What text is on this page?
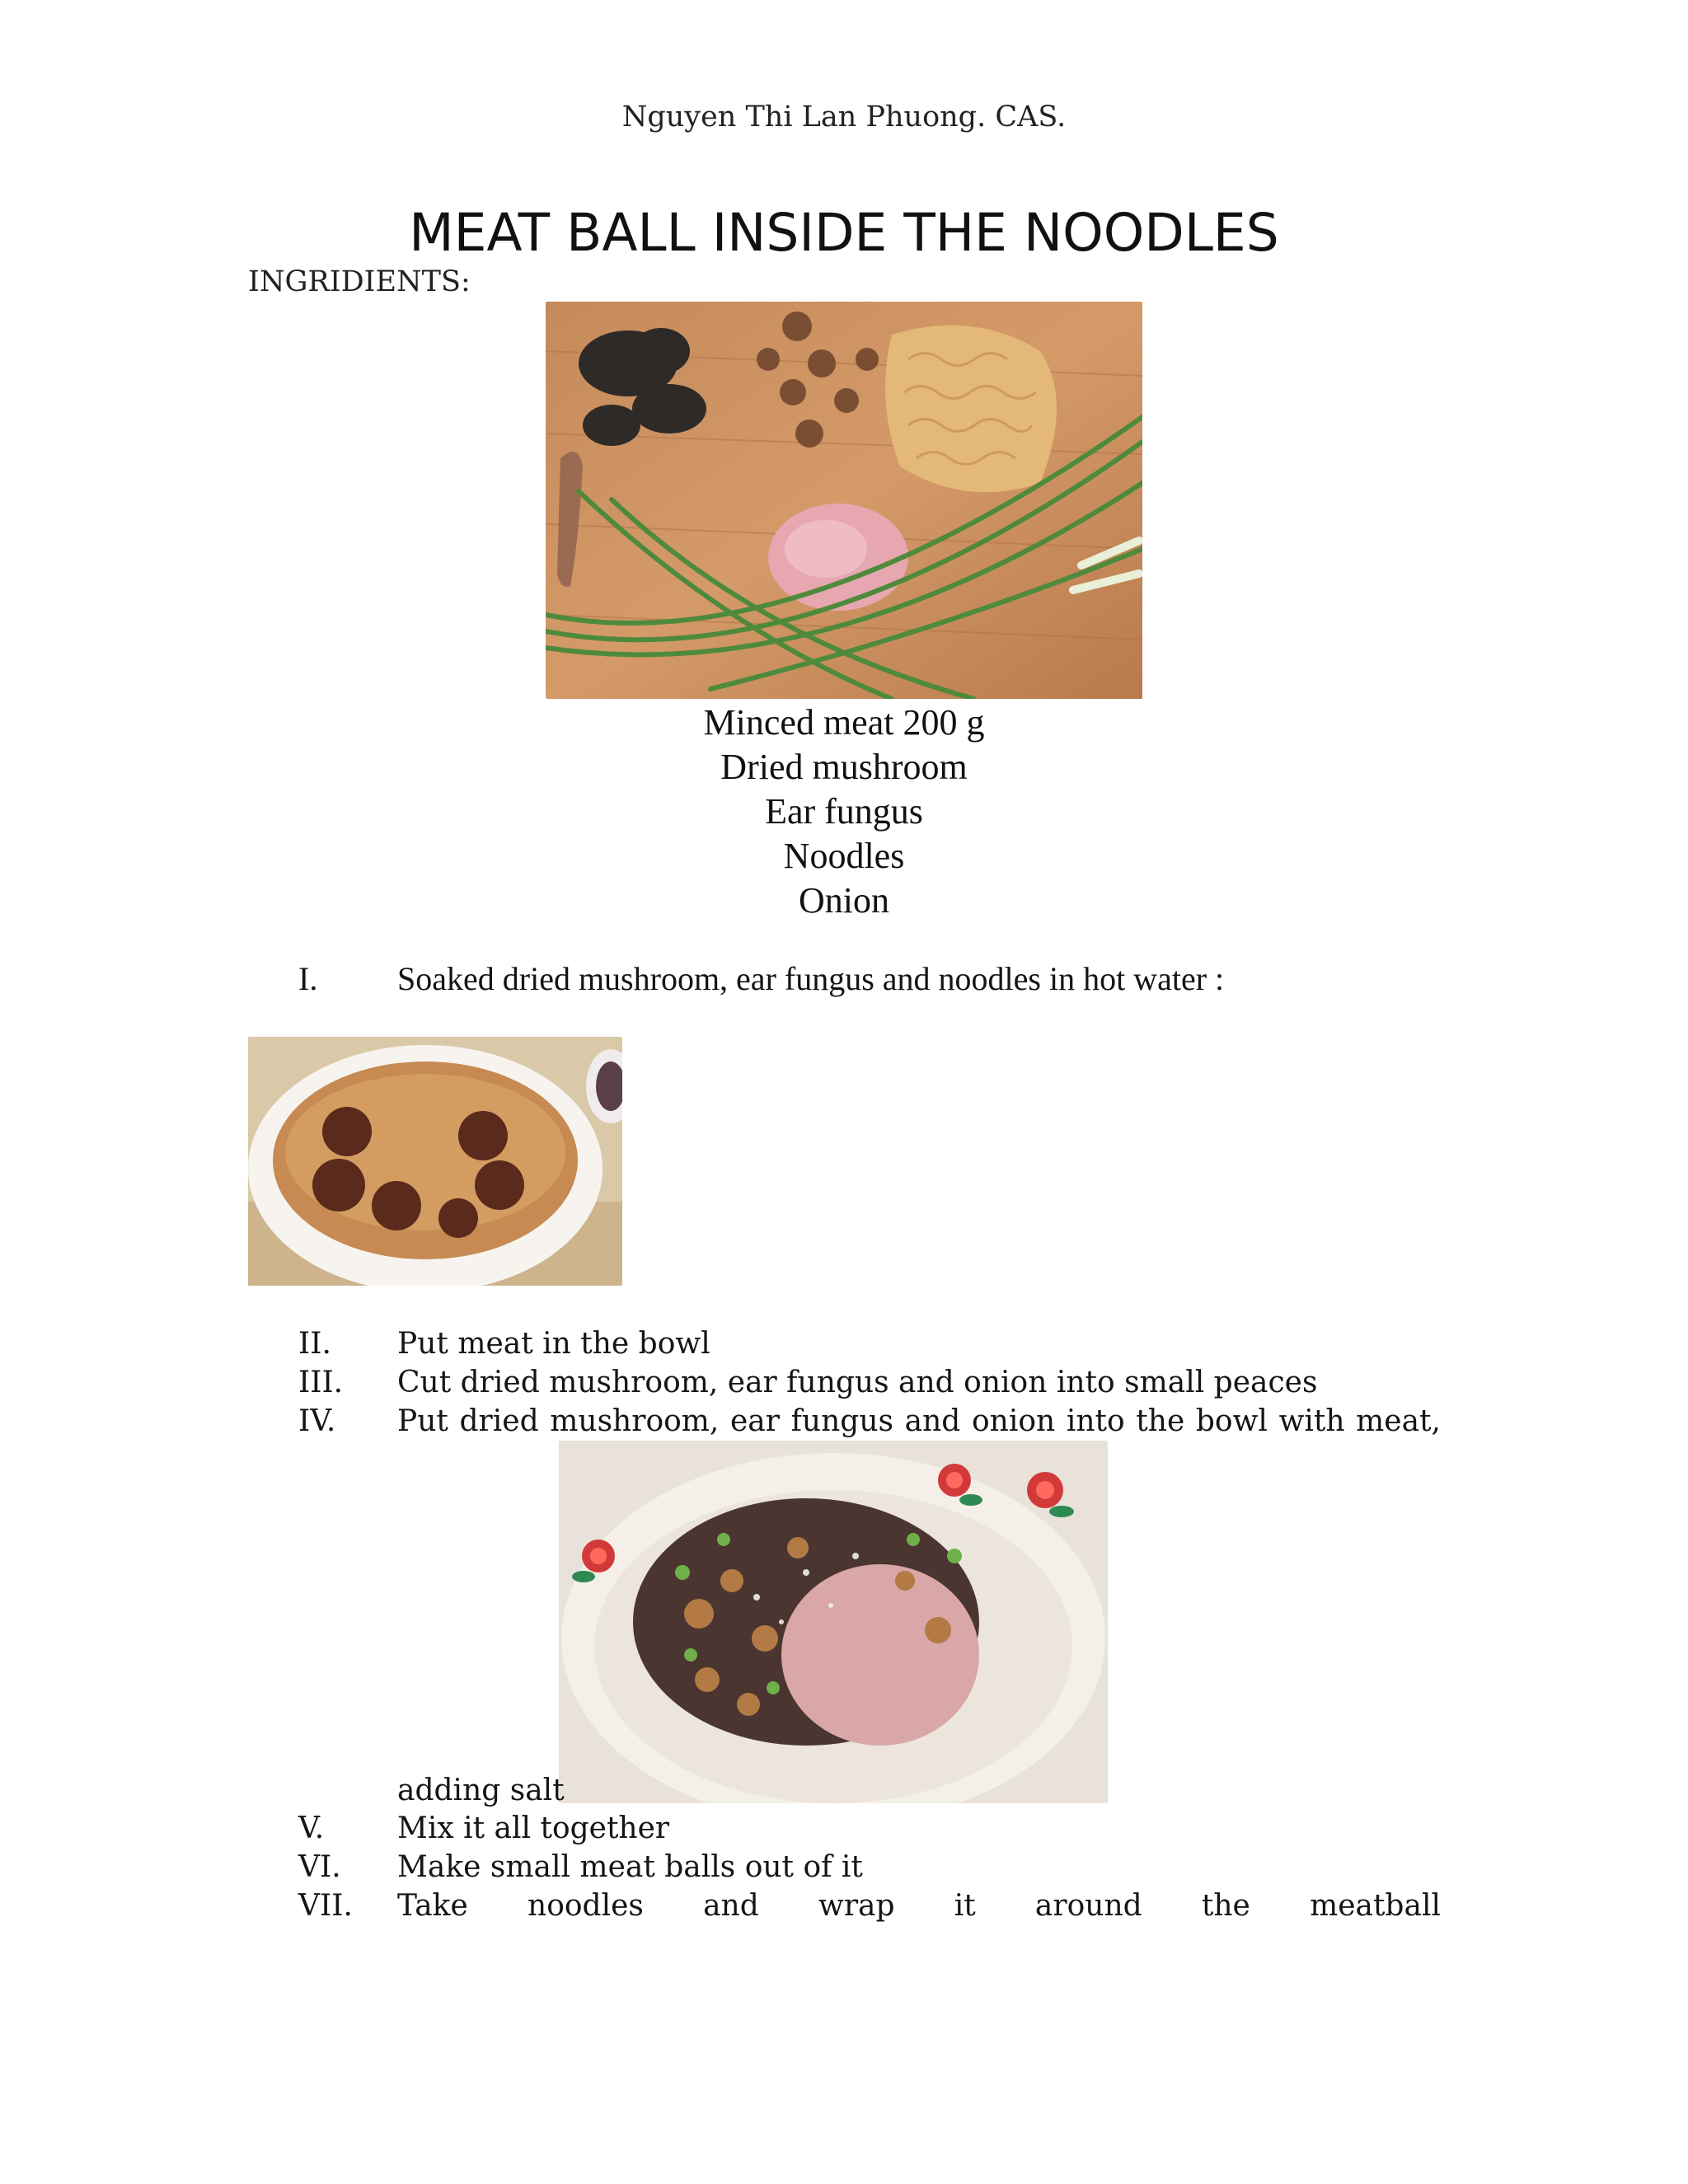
Nguyen Thi Lan Phuong. CAS.
MEAT BALL INSIDE THE NOODLES
INGRIDIENTS:
Minced meat 200 g
Dried mushroom
Ear fungus
Noodles
Onion
I. Soaked dried mushroom, ear fungus and noodles in hot water :
II. Put meat in the bowl
III. Cut dried mushroom, ear fungus and onion into small peaces
IV. Put dried mushroom, ear fungus and onion into the bowl with meat,
adding salt
V. Mix it all together
VI. Make small meat balls out of it
VII. Take noodles and wrap it around the meatball
